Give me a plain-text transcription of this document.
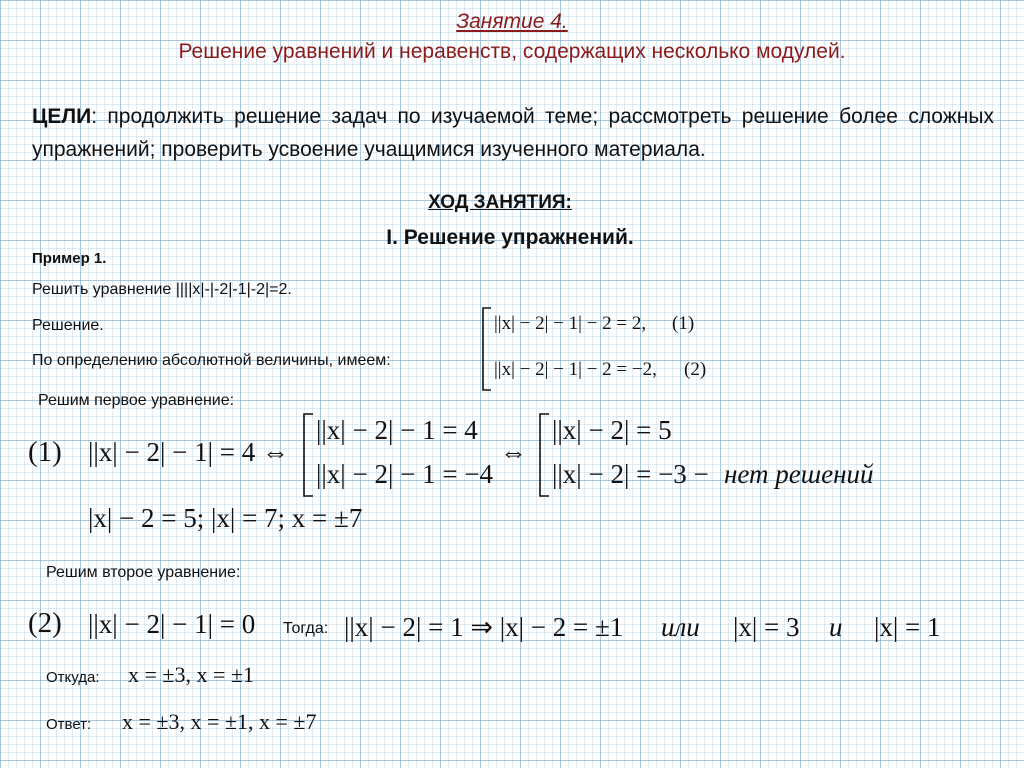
Занятие 4.
Решение уравнений и неравенств, содержащих несколько модулей.
ЦЕЛИ: продолжить решение задач по изучаемой теме; рассмотреть решение более сложных упражнений; проверить усвоение учащимися изученного материала.
ХОД ЗАНЯТИЯ:
I. Решение упражнений.
Пример 1.
Решить уравнение ||||x|-|-2|-1|-2|=2.
Решение.
По определению абсолютной величины, имеем:
||x| − 2| − 1| − 2 = 2, (1)
||x| − 2| − 1| − 2 = −2, (2)
Решим первое уравнение:
(1) ||x| − 2| − 1| = 4 ⇔
||x| − 2| − 1 = 4
||x| − 2| − 1 = −4
⇔
||x| − 2| = 5
||x| − 2| = −3 − нет решений
|x| − 2 = 5; |x| = 7; x = ±7
Решим второе уравнение:
(2) ||x| − 2| − 1| = 0 Тогда: ||x| − 2| = 1 ⇒ |x| − 2 = ±1 или |x| = 3 и |x| = 1
Откуда: x = ±3, x = ±1
Ответ: x = ±3, x = ±1, x = ±7
